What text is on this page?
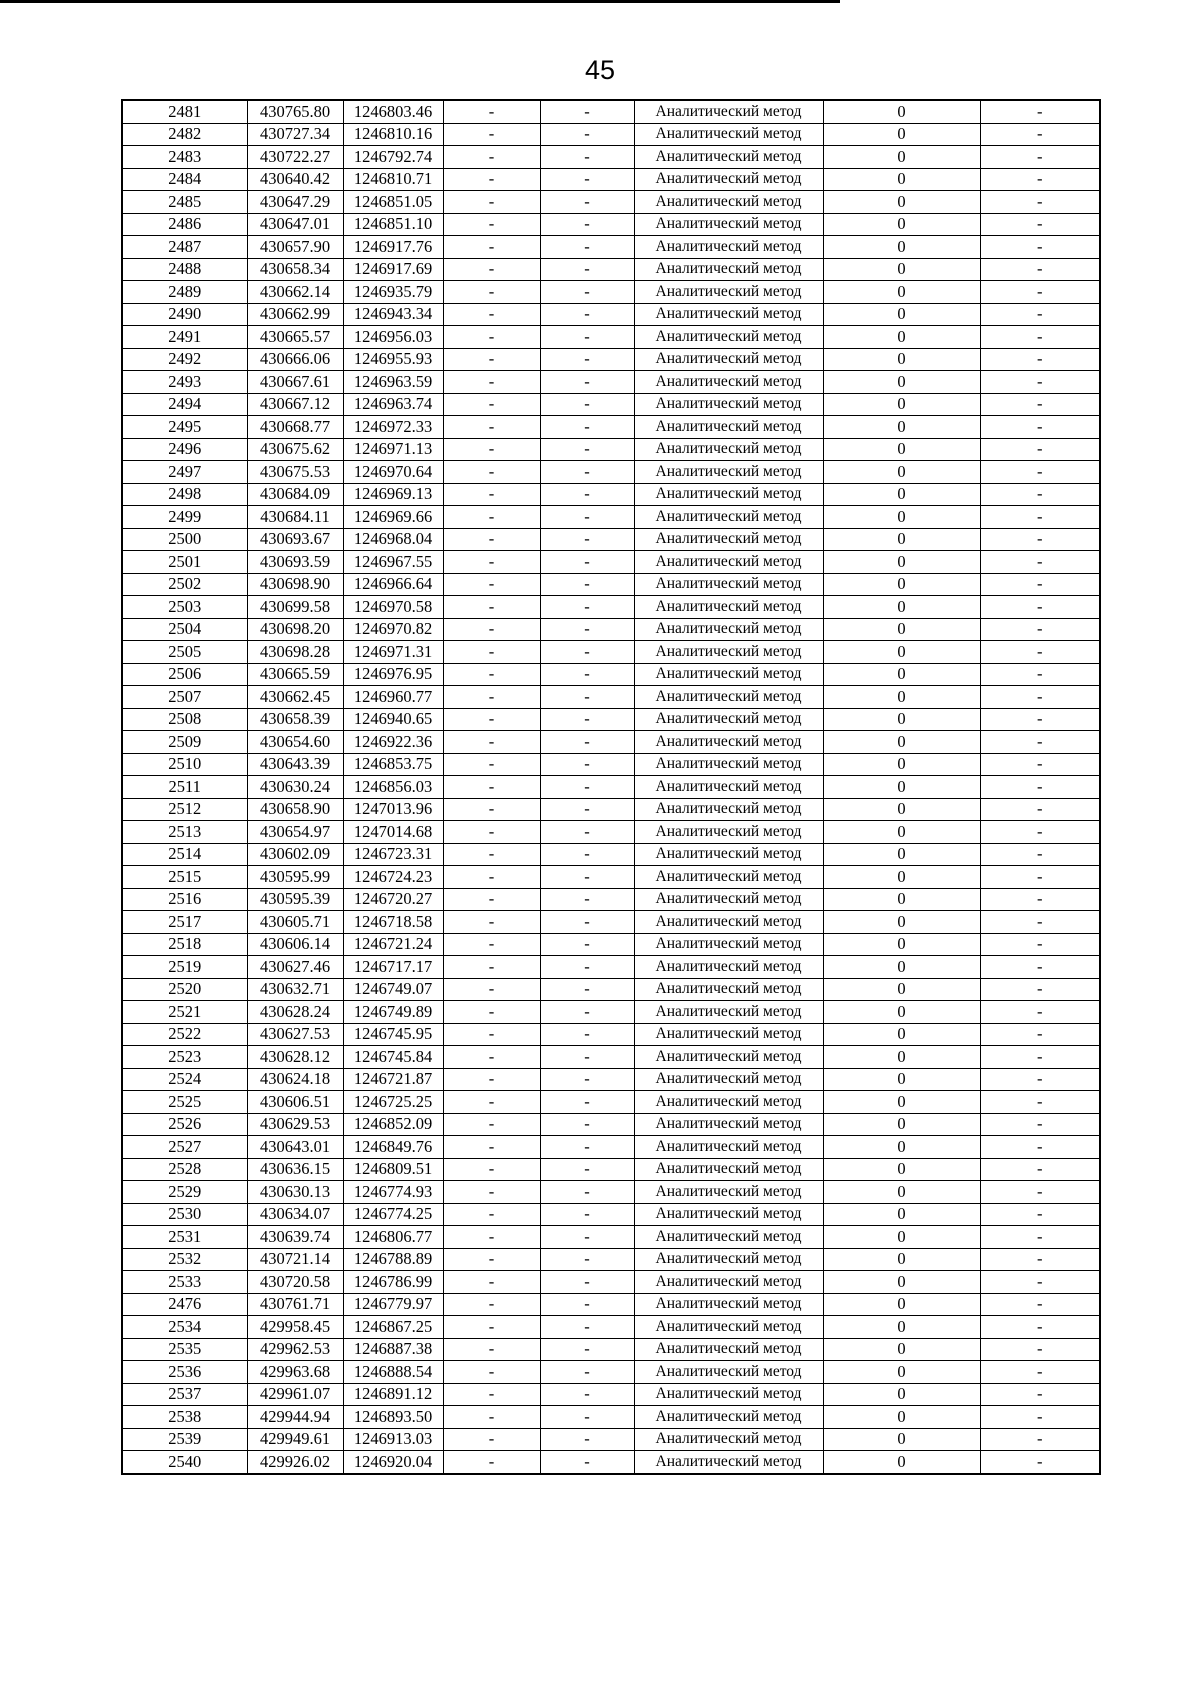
45
2481	430765.80	1246803.46	-	-	Аналитический метод	0	-
2482	430727.34	1246810.16	-	-	Аналитический метод	0	-
2483	430722.27	1246792.74	-	-	Аналитический метод	0	-
2484	430640.42	1246810.71	-	-	Аналитический метод	0	-
2485	430647.29	1246851.05	-	-	Аналитический метод	0	-
2486	430647.01	1246851.10	-	-	Аналитический метод	0	-
2487	430657.90	1246917.76	-	-	Аналитический метод	0	-
2488	430658.34	1246917.69	-	-	Аналитический метод	0	-
2489	430662.14	1246935.79	-	-	Аналитический метод	0	-
2490	430662.99	1246943.34	-	-	Аналитический метод	0	-
2491	430665.57	1246956.03	-	-	Аналитический метод	0	-
2492	430666.06	1246955.93	-	-	Аналитический метод	0	-
2493	430667.61	1246963.59	-	-	Аналитический метод	0	-
2494	430667.12	1246963.74	-	-	Аналитический метод	0	-
2495	430668.77	1246972.33	-	-	Аналитический метод	0	-
2496	430675.62	1246971.13	-	-	Аналитический метод	0	-
2497	430675.53	1246970.64	-	-	Аналитический метод	0	-
2498	430684.09	1246969.13	-	-	Аналитический метод	0	-
2499	430684.11	1246969.66	-	-	Аналитический метод	0	-
2500	430693.67	1246968.04	-	-	Аналитический метод	0	-
2501	430693.59	1246967.55	-	-	Аналитический метод	0	-
2502	430698.90	1246966.64	-	-	Аналитический метод	0	-
2503	430699.58	1246970.58	-	-	Аналитический метод	0	-
2504	430698.20	1246970.82	-	-	Аналитический метод	0	-
2505	430698.28	1246971.31	-	-	Аналитический метод	0	-
2506	430665.59	1246976.95	-	-	Аналитический метод	0	-
2507	430662.45	1246960.77	-	-	Аналитический метод	0	-
2508	430658.39	1246940.65	-	-	Аналитический метод	0	-
2509	430654.60	1246922.36	-	-	Аналитический метод	0	-
2510	430643.39	1246853.75	-	-	Аналитический метод	0	-
2511	430630.24	1246856.03	-	-	Аналитический метод	0	-
2512	430658.90	1247013.96	-	-	Аналитический метод	0	-
2513	430654.97	1247014.68	-	-	Аналитический метод	0	-
2514	430602.09	1246723.31	-	-	Аналитический метод	0	-
2515	430595.99	1246724.23	-	-	Аналитический метод	0	-
2516	430595.39	1246720.27	-	-	Аналитический метод	0	-
2517	430605.71	1246718.58	-	-	Аналитический метод	0	-
2518	430606.14	1246721.24	-	-	Аналитический метод	0	-
2519	430627.46	1246717.17	-	-	Аналитический метод	0	-
2520	430632.71	1246749.07	-	-	Аналитический метод	0	-
2521	430628.24	1246749.89	-	-	Аналитический метод	0	-
2522	430627.53	1246745.95	-	-	Аналитический метод	0	-
2523	430628.12	1246745.84	-	-	Аналитический метод	0	-
2524	430624.18	1246721.87	-	-	Аналитический метод	0	-
2525	430606.51	1246725.25	-	-	Аналитический метод	0	-
2526	430629.53	1246852.09	-	-	Аналитический метод	0	-
2527	430643.01	1246849.76	-	-	Аналитический метод	0	-
2528	430636.15	1246809.51	-	-	Аналитический метод	0	-
2529	430630.13	1246774.93	-	-	Аналитический метод	0	-
2530	430634.07	1246774.25	-	-	Аналитический метод	0	-
2531	430639.74	1246806.77	-	-	Аналитический метод	0	-
2532	430721.14	1246788.89	-	-	Аналитический метод	0	-
2533	430720.58	1246786.99	-	-	Аналитический метод	0	-
2476	430761.71	1246779.97	-	-	Аналитический метод	0	-
2534	429958.45	1246867.25	-	-	Аналитический метод	0	-
2535	429962.53	1246887.38	-	-	Аналитический метод	0	-
2536	429963.68	1246888.54	-	-	Аналитический метод	0	-
2537	429961.07	1246891.12	-	-	Аналитический метод	0	-
2538	429944.94	1246893.50	-	-	Аналитический метод	0	-
2539	429949.61	1246913.03	-	-	Аналитический метод	0	-
2540	429926.02	1246920.04	-	-	Аналитический метод	0	-
